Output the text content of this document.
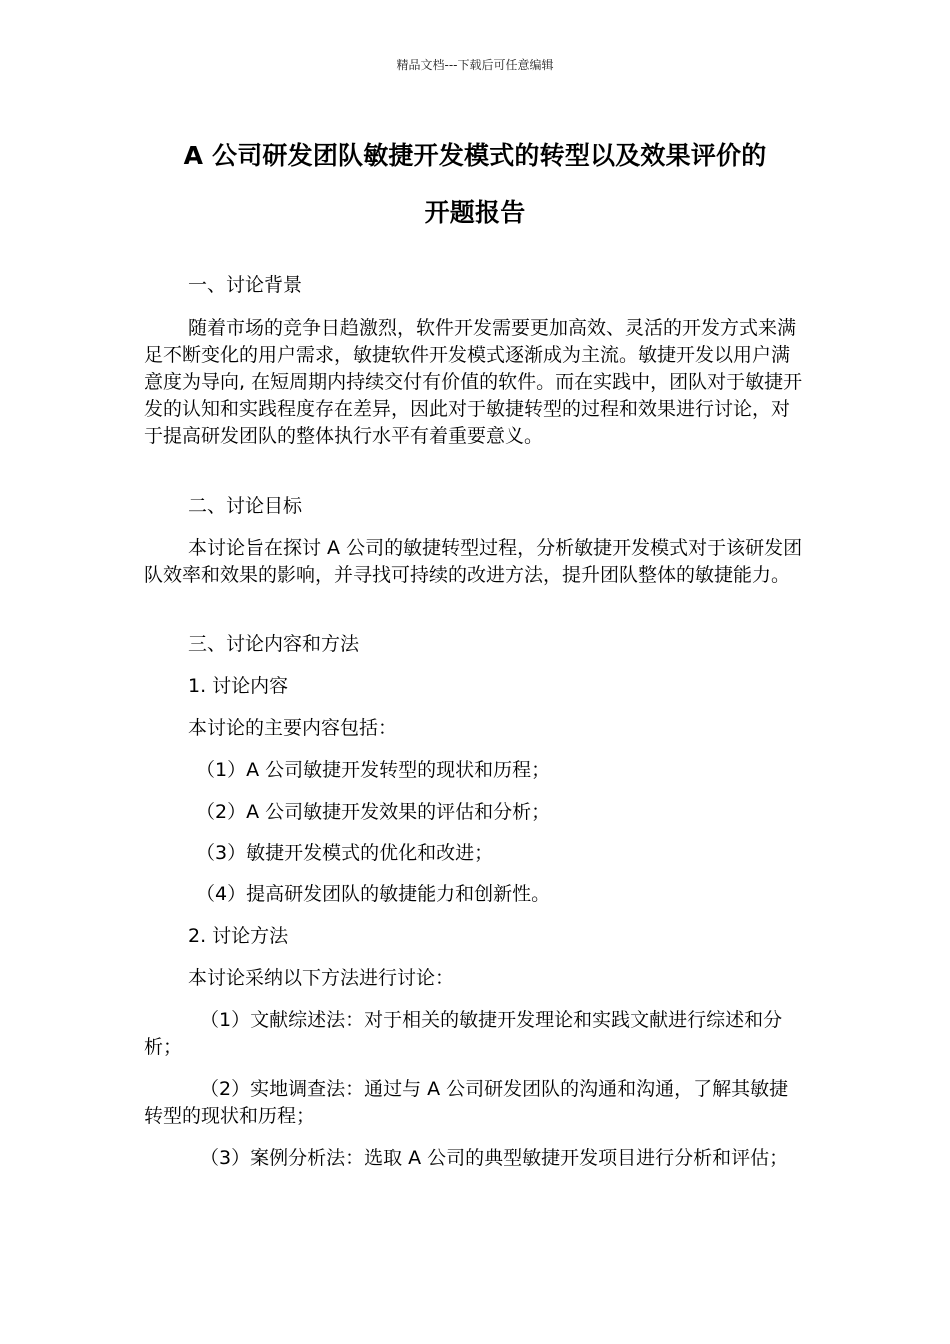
精品文档---下载后可任意编辑
A 公司研发团队敏捷开发模式的转型以及效果评价的
开题报告
一、讨论背景

随着市场的竞争日趋激烈，软件开发需要更加高效、灵活的开发方式来满足不断变化的用户需求，敏捷软件开发模式逐渐成为主流。敏捷开发以用户满意度为导向, 在短周期内持续交付有价值的软件。而在实践中，团队对于敏捷开发的认知和实践程度存在差异，因此对于敏捷转型的过程和效果进行讨论，对于提高研发团队的整体执行水平有着重要意义。

二、讨论目标

本讨论旨在探讨 A 公司的敏捷转型过程，分析敏捷开发模式对于该研发团队效率和效果的影响，并寻找可持续的改进方法，提升团队整体的敏捷能力。

三、讨论内容和方法
1. 讨论内容
本讨论的主要内容包括：
（1）A 公司敏捷开发转型的现状和历程；
（2）A 公司敏捷开发效果的评估和分析；
（3）敏捷开发模式的优化和改进；
（4）提高研发团队的敏捷能力和创新性。
2. 讨论方法
本讨论采纳以下方法进行讨论：

（1）文献综述法：对于相关的敏捷开发理论和实践文献进行综述和分析；

（2）实地调查法：通过与 A 公司研发团队的沟通和沟通，了解其敏捷转型的现状和历程；

（3）案例分析法：选取 A 公司的典型敏捷开发项目进行分析和评估；
